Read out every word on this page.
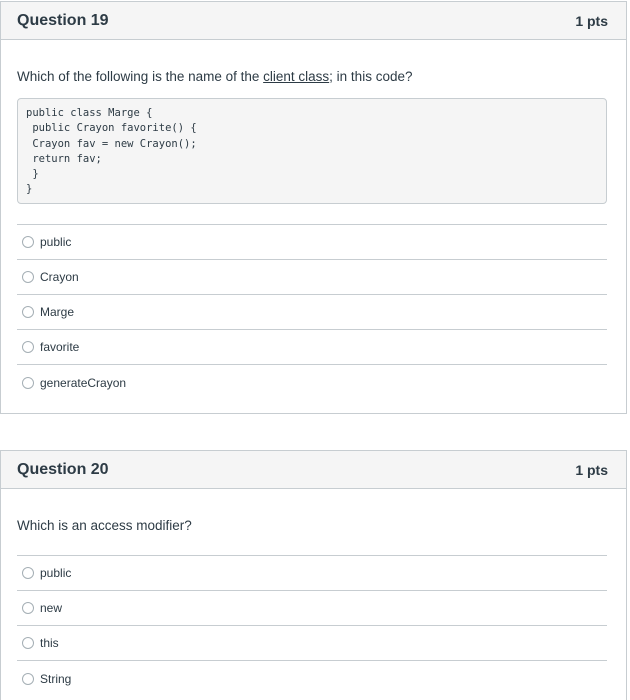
Question 19	1 pts
Which of the following is the name of the client class; in this code?
public class Marge {
public Crayon favorite() {
Crayon fav = new Crayon();
return fav;
}
}
public
Crayon
Marge
favorite
generateCrayon
Question 20	1 pts
Which is an access modifier?
public
new
this
String
